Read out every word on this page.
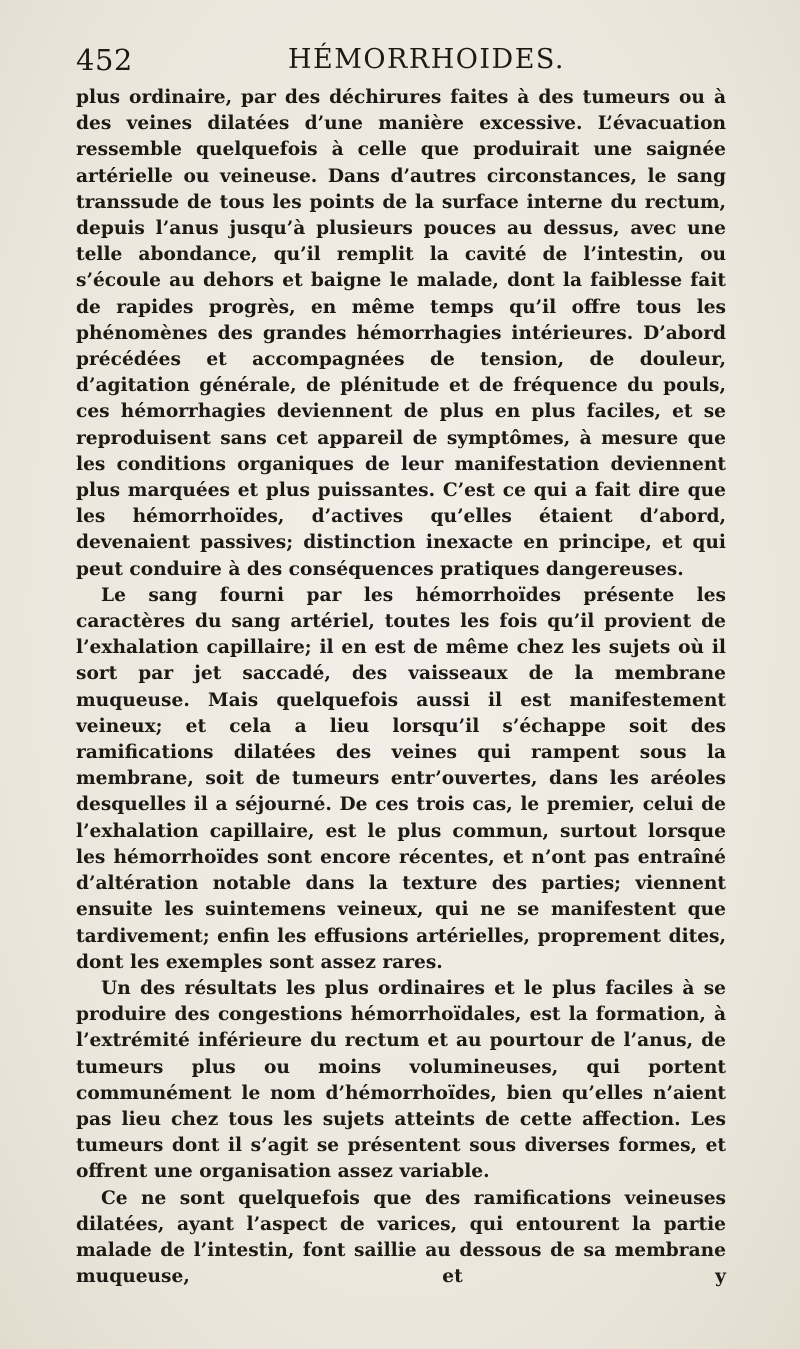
452	HÉMORRHOIDES.

plus ordinaire, par des déchirures faites à des tumeurs ou à des veines dilatées d’une manière excessive. L’évacuation ressemble quelquefois à celle que produirait une saignée artérielle ou veineuse. Dans d’autres circonstances, le sang transsude de tous les points de la surface interne du rectum, depuis l’anus jusqu’à plusieurs pouces au dessus, avec une telle abondance, qu’il remplit la cavité de l’intestin, ou s’écoule au dehors et baigne le malade, dont la faiblesse fait de rapides progrès, en même temps qu’il offre tous les phénomènes des grandes hémorrhagies intérieures. D’abord précédées et accompagnées de tension, de douleur, d’agitation générale, de plénitude et de fréquence du pouls, ces hémorrhagies deviennent de plus en plus faciles, et se reproduisent sans cet appareil de symptômes, à mesure que les conditions organiques de leur manifestation deviennent plus marquées et plus puissantes. C’est ce qui a fait dire que les hémorrhoïdes, d’actives qu’elles étaient d’abord, devenaient passives; distinction inexacte en principe, et qui peut conduire à des conséquences pratiques dangereuses.

Le sang fourni par les hémorrhoïdes présente les caractères du sang artériel, toutes les fois qu’il provient de l’exhalation capillaire; il en est de même chez les sujets où il sort par jet saccadé, des vaisseaux de la membrane muqueuse. Mais quelquefois aussi il est manifestement veineux; et cela a lieu lorsqu’il s’échappe soit des ramifications dilatées des veines qui rampent sous la membrane, soit de tumeurs entr’ouvertes, dans les aréoles desquelles il a séjourné. De ces trois cas, le premier, celui de l’exhalation capillaire, est le plus commun, surtout lorsque les hémorrhoïdes sont encore récentes, et n’ont pas entraîné d’altération notable dans la texture des parties; viennent ensuite les suintemens veineux, qui ne se manifestent que tardivement; enfin les effusions artérielles, proprement dites, dont les exemples sont assez rares.

Un des résultats les plus ordinaires et le plus faciles à se produire des congestions hémorrhoïdales, est la formation, à l’extrémité inférieure du rectum et au pourtour de l’anus, de tumeurs plus ou moins volumineuses, qui portent communément le nom d’hémorrhoïdes, bien qu’elles n’aient pas lieu chez tous les sujets atteints de cette affection. Les tumeurs dont il s’agit se présentent sous diverses formes, et offrent une organisation assez variable.

Ce ne sont quelquefois que des ramifications veineuses dilatées, ayant l’aspect de varices, qui entourent la partie malade de l’intestin, font saillie au dessous de sa membrane muqueuse, et y
